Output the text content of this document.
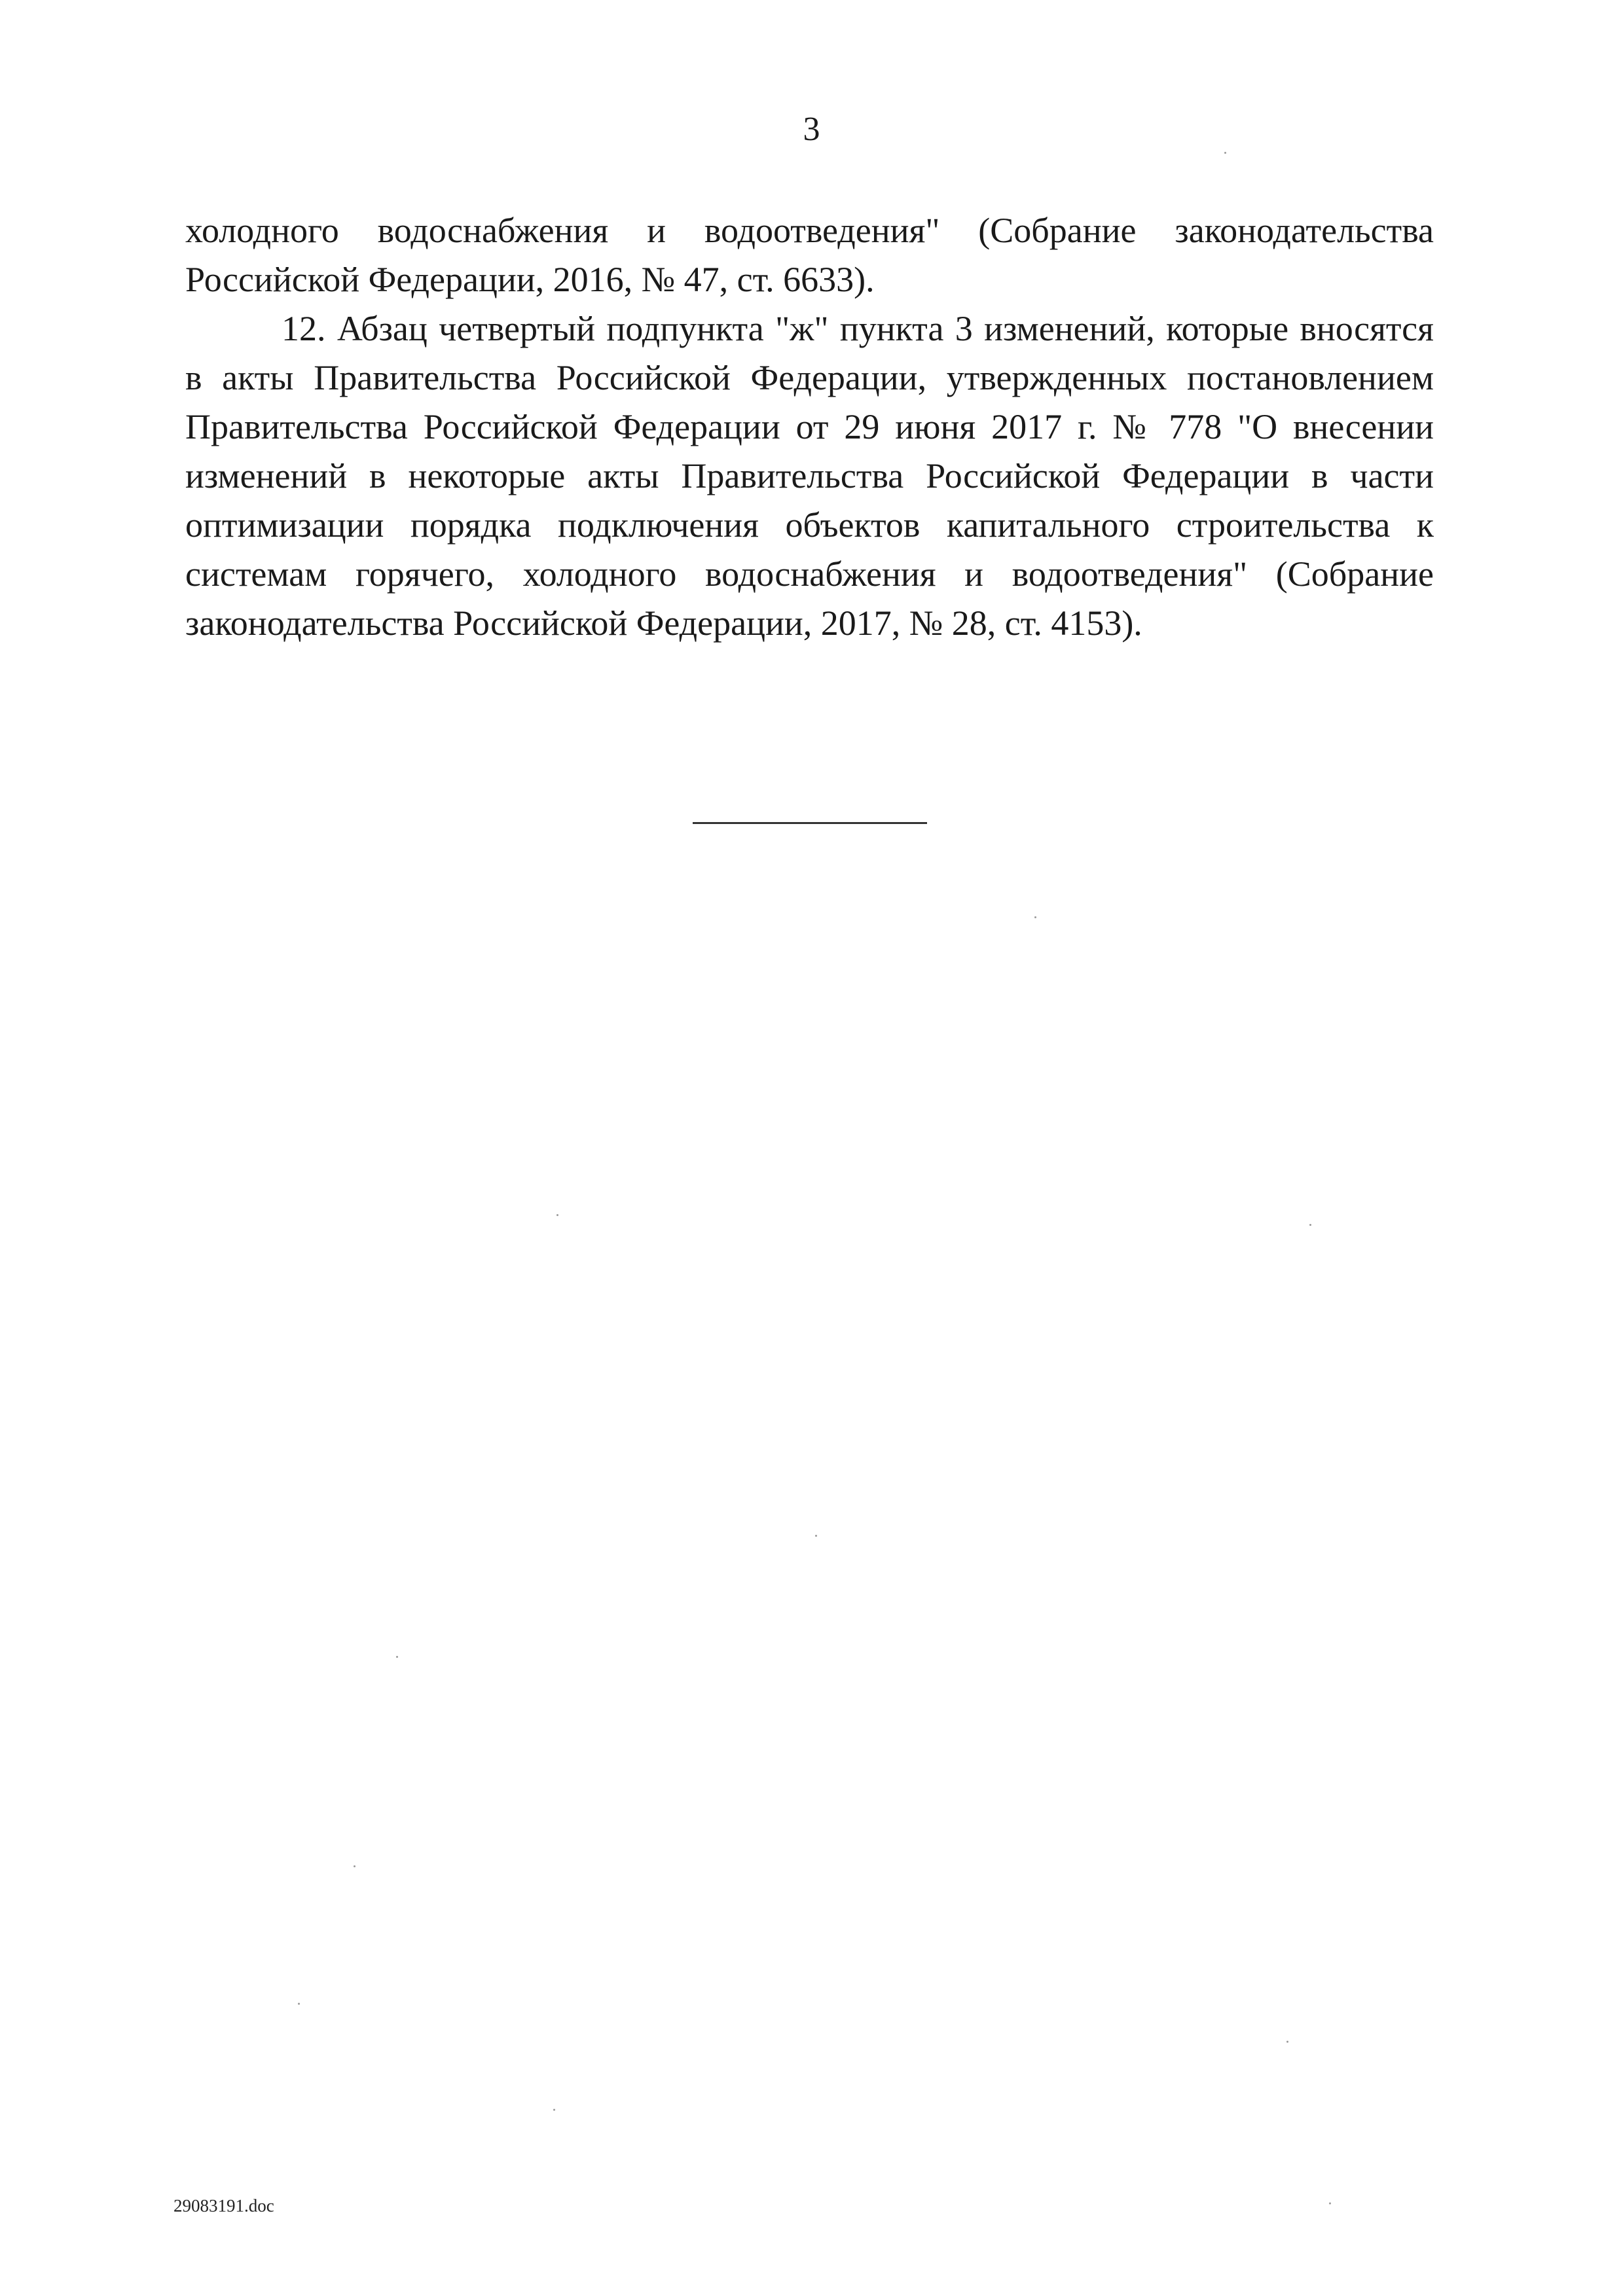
3

холодного водоснабжения и водоотведения" (Собрание законодательства Российской Федерации, 2016, № 47, ст. 6633).

12. Абзац четвертый подпункта "ж" пункта 3 изменений, которые вносятся в акты Правительства Российской Федерации, утвержденных постановлением Правительства Российской Федерации от 29 июня 2017 г. № 778 "О внесении изменений в некоторые акты Правительства Российской Федерации в части оптимизации порядка подключения объектов капитального строительства к системам горячего, холодного водоснабжения и водоотведения" (Собрание законодательства Российской Федерации, 2017, № 28, ст. 4153).

29083191.doc
